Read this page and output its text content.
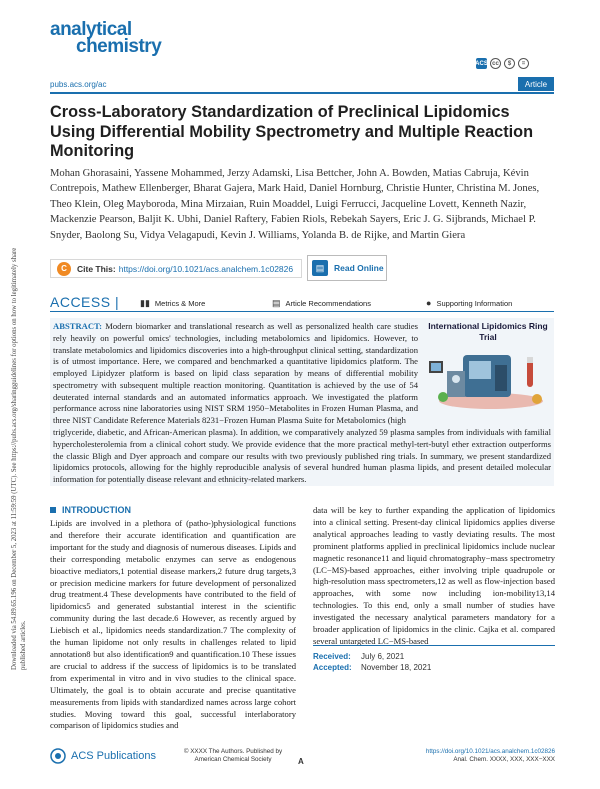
analytical
chemistry
ACS cc	$	=
pubs.acs.org/ac	Article
Cross-Laboratory Standardization of Preclinical Lipidomics Using Differential Mobility Spectrometry and Multiple Reaction Monitoring
Mohan Ghorasaini, Yassene Mohammed, Jerzy Adamski, Lisa Bettcher, John A. Bowden, Matias Cabruja, Kévin Contrepois, Mathew Ellenberger, Bharat Gajera, Mark Haid, Daniel Hornburg, Christie Hunter, Christina M. Jones, Theo Klein, Oleg Mayboroda, Mina Mirzaian, Ruin Moaddel, Luigi Ferrucci, Jacqueline Lovett, Kenneth Nazir, Mackenzie Pearson, Baljit K. Ubhi, Daniel Raftery, Fabien Riols, Rebekah Sayers, Eric J. G. Sijbrands, Michael P. Snyder, Baolong Su, Vidya Velagapudi, Kevin J. Williams, Yolanda B. de Rijke, and Martin Giera
C	Cite This: https://doi.org/10.1021/acs.analchem.1c02826	▤	Read Online
ACCESS | ▮▮ Metrics & More	▤ Article Recommendations	● Supporting Information
ABSTRACT: Modern biomarker and translational research as well as personalized health care studies rely heavily on powerful omics' technologies, including metabolomics and lipidomics. However, to translate metabolomics and lipidomics discoveries into a high-throughput clinical setting, standardization is of utmost importance. Here, we compared and benchmarked a quantitative lipidomics platform. The employed Lipidyzer platform is based on lipid class separation by means of differential mobility spectrometry with subsequent multiple reaction monitoring. Quantitation is achieved by the use of 54 deuterated internal standards and an automated informatics approach. We investigated the platform performance across nine laboratories using NIST SRM 1950−Metabolites in Frozen Human Plasma, and three NIST Candidate Reference Materials 8231−Frozen Human Plasma Suite for Metabolomics (high
triglyceride, diabetic, and African-American plasma). In addition, we comparatively analyzed 59 plasma samples from individuals with familial hypercholesterolemia from a clinical cohort study. We provide evidence that the more practical methyl-tert-butyl ether extraction outperforms the classic Bligh and Dyer approach and compare our results with two previously published ring trials. In summary, we present standardized lipidomics protocols, allowing for the highly reproducible analysis of several hundred human plasma lipids, and present detailed molecular information for potentially disease relevant and ethnicity-related markers.
International Lipidomics Ring Trial
Downloaded via 54.89.65.196 on December 5, 2023 at 11:59:59 (UTC). See https://pubs.acs.org/sharingguidelines for options on how to legitimately share published articles.
INTRODUCTION
Lipids are involved in a plethora of (patho-)physiological functions and therefore their accurate identification and quantification are important for the study and diagnosis of numerous diseases. Lipids and their corresponding metabolic enzymes can serve as endogenous bioactive mediators,1 potential disease markers,2 future drug targets,3 or precision medicine markers for future development of personalized drug treatment.4 These developments have contributed to the field of lipidomics5 and generated substantial interest in the scientific community during the last decade.6 However, as recently argued by Liebisch et al., lipidomics needs standardization.7 The complexity of the human lipidome not only results in challenges related to lipid annotation8 but also identification9 and quantification.10 These issues are crucial to address if the success of lipidomics is to be translated from experimental in vitro and in vivo studies to the clinical space. Ultimately, the goal is to obtain accurate and precise quantitative measurements from lipids with standardized names across large cohort studies. Moving toward this goal, successful interlaboratory comparison of lipidomics studies and
data will be key to further expanding the application of lipidomics into a clinical setting. Present-day clinical lipidomics applies diverse analytical approaches leading to vastly deviating results. The most prominent platforms applied in preclinical lipidomics include nuclear magnetic resonance11 and liquid chromatography−mass spectrometry (LC−MS)-based approaches, either involving triple quadrupole or high-resolution mass spectrometers,12 as well as flow-injection based approaches, with some now including ion-mobility13,14 technologies. To this end, only a small number of studies have investigated the necessary analytical parameters mandatory for a broader application of lipidomics in the clinic. Cajka et al. compared several untargeted LC−MS-based
Received: July 6, 2021
Accepted: November 18, 2021
ACS Publications	© XXXX The Authors. Published by
American Chemical Society	A
https://doi.org/10.1021/acs.analchem.1c02826
Anal. Chem. XXXX, XXX, XXX−XXX
